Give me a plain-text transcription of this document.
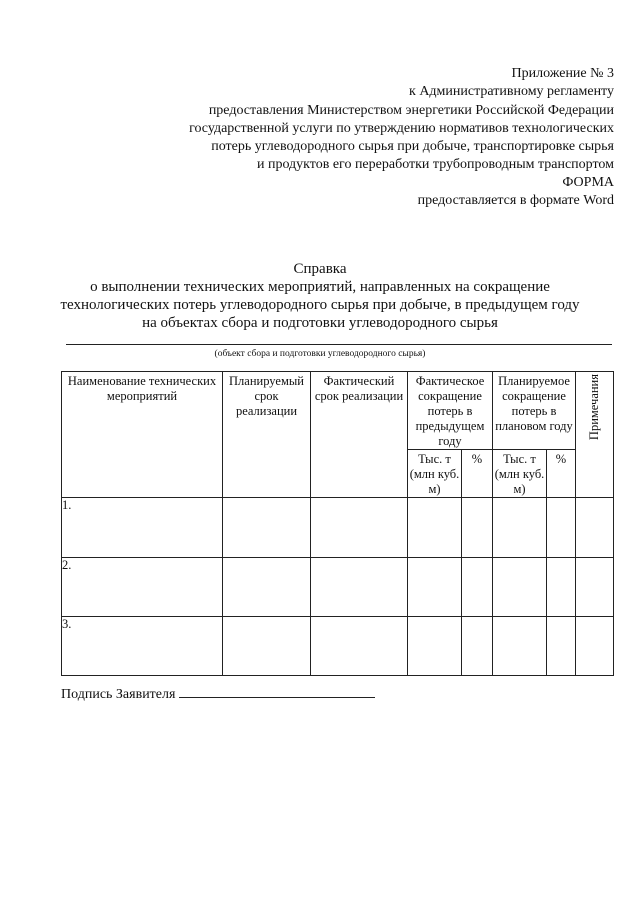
Приложение № 3
к Административному регламенту
предоставления Министерством энергетики Российской Федерации
государственной услуги по утверждению нормативов технологических
потерь углеводородного сырья при добыче, транспортировке сырья
и продуктов его переработки трубопроводным транспортом
ФОРМА
предоставляется в формате Word
Справка
о выполнении технических мероприятий, направленных на сокращение
технологических потерь углеводородного сырья при добыче, в предыдущем году
на объектах сбора и подготовки углеводородного сырья
(объект сбора и подготовки углеводородного сырья)
Наименование технических мероприятий	Планируемый срок реализации	Фактический срок реализации	Фактическое сокращение потерь в предыдущем году		Планируемое сокращение потерь в плановом году		Примечания
			Тыс. т (млн куб. м)	%	Тыс. т (млн куб. м)	%	
1.							
2.							
3.							
Подпись Заявителя
